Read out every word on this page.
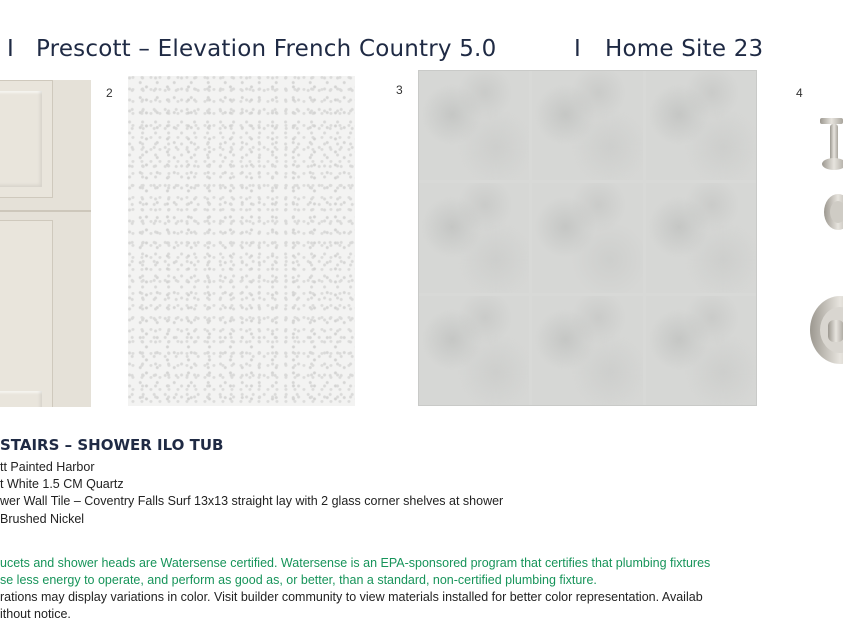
I Prescott – Elevation French Country 5.0	I Home Site 23
2	3	4
STAIRS – SHOWER ILO TUB
tt Painted Harbor
t White 1.5 CM Quartz
wer Wall Tile – Coventry Falls Surf 13x13 straight lay with 2 glass corner shelves at shower
Brushed Nickel
ucets and shower heads are Watersense certified. Watersense is an EPA-sponsored program that certifies that plumbing fixtures
se less energy to operate, and perform as good as, or better, than a standard, non-certified plumbing fixture.
rations may display variations in color. Visit builder community to view materials installed for better color representation. Availab
ithout notice.
